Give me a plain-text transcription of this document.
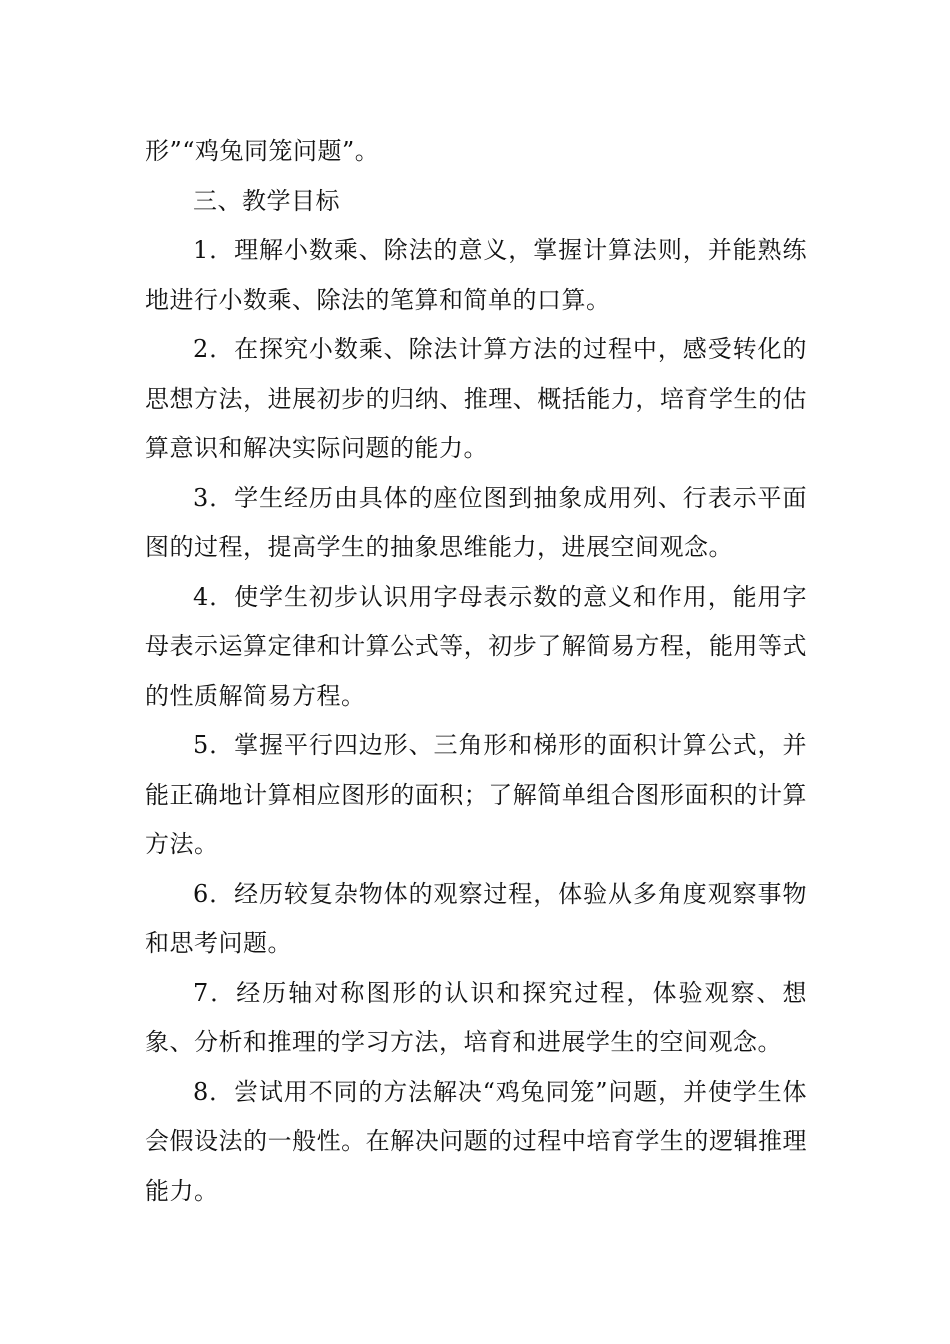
形”“鸡兔同笼问题”。

三、教学目标

1．理解小数乘、除法的意义，掌握计算法则，并能熟练地进行小数乘、除法的笔算和简单的口算。

2．在探究小数乘、除法计算方法的过程中，感受转化的思想方法，进展初步的归纳、推理、概括能力，培育学生的估算意识和解决实际问题的能力。

3．学生经历由具体的座位图到抽象成用列、行表示平面图的过程，提高学生的抽象思维能力，进展空间观念。

4．使学生初步认识用字母表示数的意义和作用，能用字母表示运算定律和计算公式等，初步了解简易方程，能用等式的性质解简易方程。

5．掌握平行四边形、三角形和梯形的面积计算公式，并能正确地计算相应图形的面积；了解简单组合图形面积的计算方法。

6．经历较复杂物体的观察过程，体验从多角度观察事物和思考问题。

7．经历轴对称图形的认识和探究过程，体验观察、想象、分析和推理的学习方法，培育和进展学生的空间观念。

8．尝试用不同的方法解决“鸡兔同笼”问题，并使学生体会假设法的一般性。在解决问题的过程中培育学生的逻辑推理能力。
